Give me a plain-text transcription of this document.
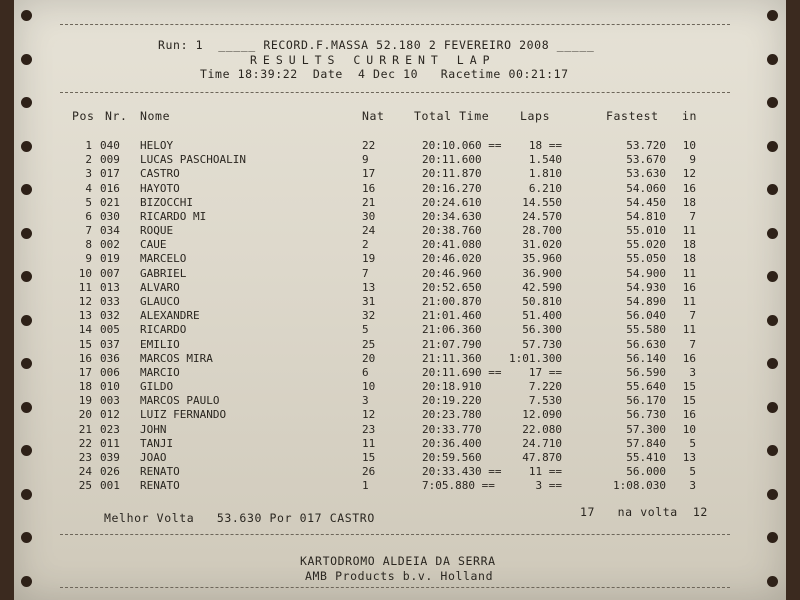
Run: 1  _____ RECORD.F.MASSA 52.180 2 FEVEREIRO 2008 _____
RESULTS CURRENT LAP
Time 18:39:22  Date  4 Dec 10   Racetime 00:21:17
Pos Nr. Nome	Nat	Total Time	Laps	Fastest in
1 040 HELOY	22	20:10.060 ==	18 ==	53.720	10
2 009 LUCAS PASCHOALIN	9	20:11.600	1.540	53.670	9
3 017 CASTRO	17	20:11.870	1.810	53.630	12
4 016 HAYOTO	16	20:16.270	6.210	54.060	16
5 021 BIZOCCHI	21	20:24.610	14.550	54.450	18
6 030 RICARDO MI	30	20:34.630	24.570	54.810	7
7 034 ROQUE	24	20:38.760	28.700	55.010	11
8 002 CAUE	2	20:41.080	31.020	55.020	18
9 019 MARCELO	19	20:46.020	35.960	55.050	18
10 007 GABRIEL	7	20:46.960	36.900	54.900	11
11 013 ALVARO	13	20:52.650	42.590	54.930	16
12 033 GLAUCO	31	21:00.870	50.810	54.890	11
13 032 ALEXANDRE	32	21:01.460	51.400	56.040	7
14 005 RICARDO	5	21:06.360	56.300	55.580	11
15 037 EMILIO	25	21:07.790	57.730	56.630	7
16 036 MARCOS MIRA	20	21:11.360	1:01.300	56.140	16
17 006 MARCIO	6	20:11.690 ==	17 ==	56.590	3
18 010 GILDO	10	20:18.910	7.220	55.640	15
19 003 MARCOS PAULO	3	20:19.220	7.530	56.170	15
20 012 LUIZ FERNANDO	12	20:23.780	12.090	56.730	16
21 023 JOHN	23	20:33.770	22.080	57.300	10
22 011 TANJI	11	20:36.400	24.710	57.840	5
23 039 JOAO	15	20:59.560	47.870	55.410	13
24 026 RENATO	26	20:33.430 ==	11 ==	56.000	5
25 001 RENATO	1	7:05.880 ==	3 ==	1:08.030	3
Melhor Volta   53.630 Por 017 CASTRO	17   na volta  12
KARTODROMO ALDEIA DA SERRA
AMB Products b.v. Holland
